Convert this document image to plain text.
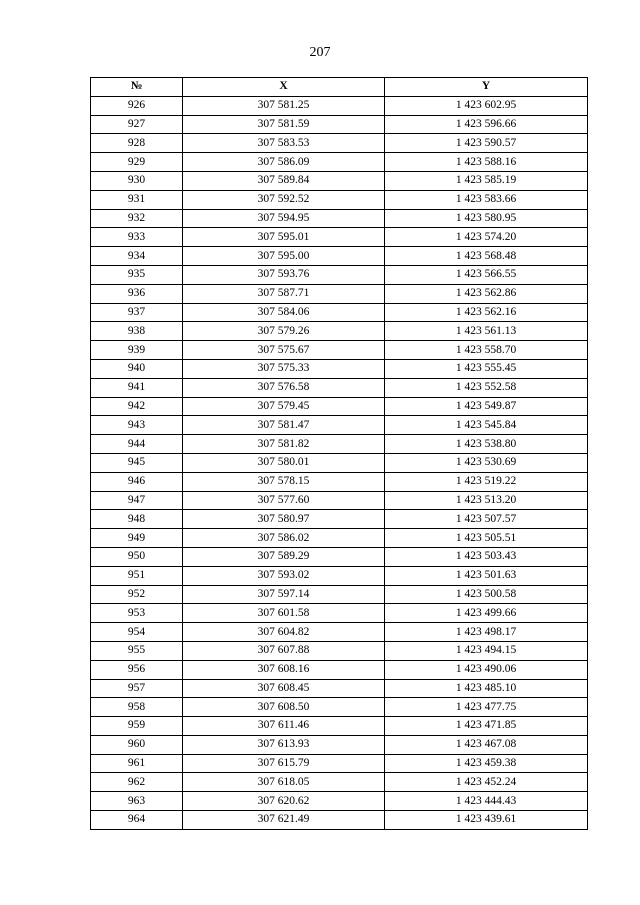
207
№	X	Y
926	307 581.25	1 423 602.95
927	307 581.59	1 423 596.66
928	307 583.53	1 423 590.57
929	307 586.09	1 423 588.16
930	307 589.84	1 423 585.19
931	307 592.52	1 423 583.66
932	307 594.95	1 423 580.95
933	307 595.01	1 423 574.20
934	307 595.00	1 423 568.48
935	307 593.76	1 423 566.55
936	307 587.71	1 423 562.86
937	307 584.06	1 423 562.16
938	307 579.26	1 423 561.13
939	307 575.67	1 423 558.70
940	307 575.33	1 423 555.45
941	307 576.58	1 423 552.58
942	307 579.45	1 423 549.87
943	307 581.47	1 423 545.84
944	307 581.82	1 423 538.80
945	307 580.01	1 423 530.69
946	307 578.15	1 423 519.22
947	307 577.60	1 423 513.20
948	307 580.97	1 423 507.57
949	307 586.02	1 423 505.51
950	307 589.29	1 423 503.43
951	307 593.02	1 423 501.63
952	307 597.14	1 423 500.58
953	307 601.58	1 423 499.66
954	307 604.82	1 423 498.17
955	307 607.88	1 423 494.15
956	307 608.16	1 423 490.06
957	307 608.45	1 423 485.10
958	307 608.50	1 423 477.75
959	307 611.46	1 423 471.85
960	307 613.93	1 423 467.08
961	307 615.79	1 423 459.38
962	307 618.05	1 423 452.24
963	307 620.62	1 423 444.43
964	307 621.49	1 423 439.61
